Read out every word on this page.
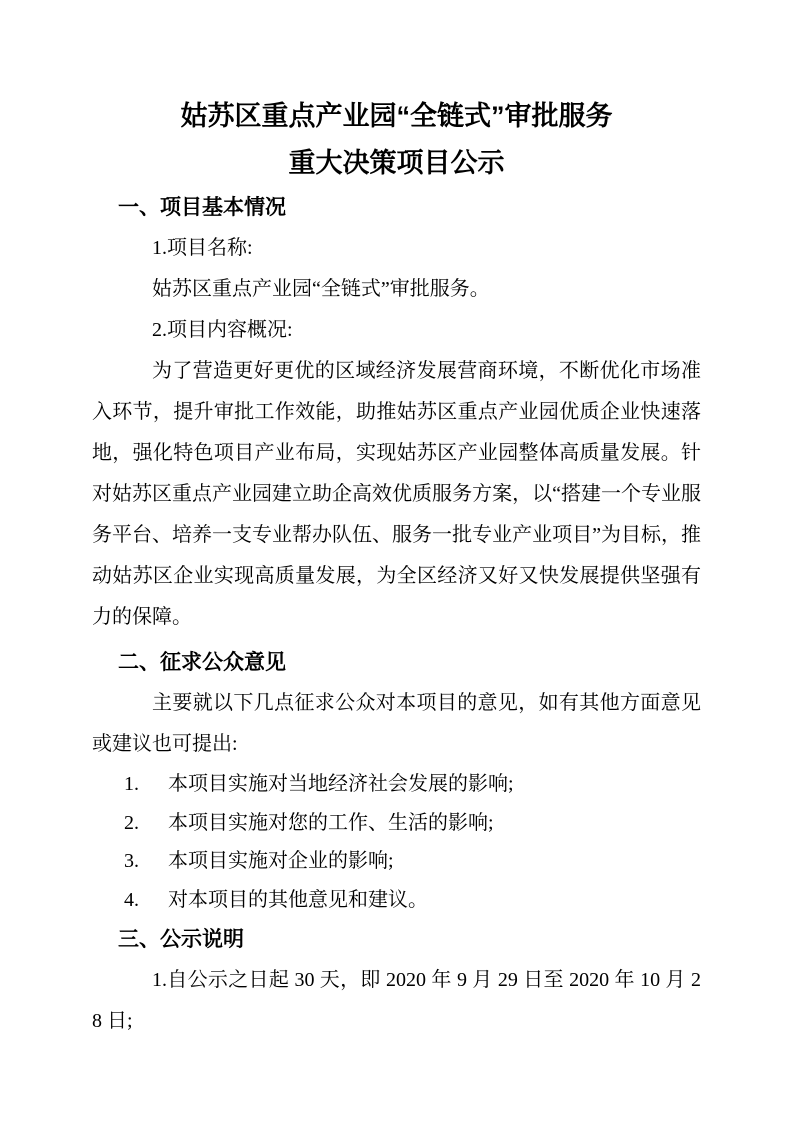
姑苏区重点产业园“全链式”审批服务
重大决策项目公示
一、项目基本情况

1.项目名称:

姑苏区重点产业园“全链式”审批服务。

2.项目内容概况:

为了营造更好更优的区域经济发展营商环境，不断优化市场准入环节，提升审批工作效能，助推姑苏区重点产业园优质企业快速落地，强化特色项目产业布局，实现姑苏区产业园整体高质量发展。针对姑苏区重点产业园建立助企高效优质服务方案，以“搭建一个专业服务平台、培养一支专业帮办队伍、服务一批专业产业项目”为目标，推动姑苏区企业实现高质量发展，为全区经济又好又快发展提供坚强有力的保障。

二、征求公众意见

主要就以下几点征求公众对本项目的意见，如有其他方面意见或建议也可提出:

1. 本项目实施对当地经济社会发展的影响;
2. 本项目实施对您的工作、生活的影响;
3. 本项目实施对企业的影响;
4. 对本项目的其他意见和建议。
三、公示说明

1.自公示之日起 30 天，即 2020 年 9 月 29 日至 2020 年 10 月 28 日;
